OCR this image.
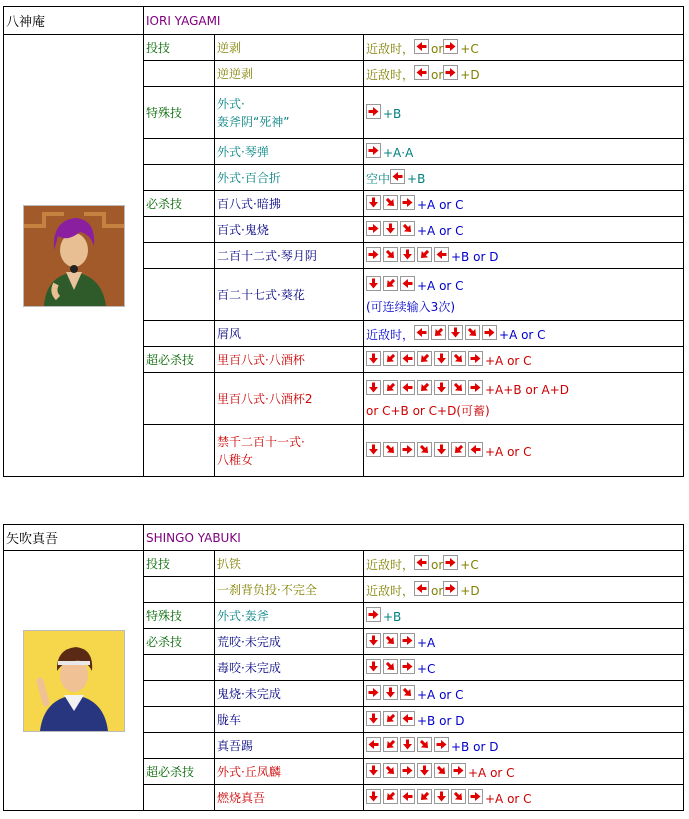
八神庵	IORI YAGAMI		

	投技	逆剥	近敌时， or +C

		逆逆剥	近敌时， or +D

	特殊技	外式·
轰斧阴“死神”	+B

		外式·琴弹	+A·A

		外式·百合折	空中 +B

	必杀技	百八式·暗拂	+A or C

		百式·鬼烧	+A or C

		二百十二式·琴月阴	+B or D

		百二十七式·葵花	+A or C
(可连续输入3次)

		屑风	近敌时， +A or C

	超必杀技	里百八式·八酒杯	+A or C

		里百八式·八酒杯2	+A+B or A+D
or C+B or C+D(可蓄)

		禁千二百十一式·
八稚女	+A or C
矢吹真吾	SHINGO YABUKI		

	投技	扒铁	近敌时， or +C

		一刹背负投·不完全	近敌时， or +D

	特殊技	外式·轰斧	+B

	必杀技	荒咬·未完成	+A

		毒咬·未完成	+C

		鬼烧·未完成	+A or C

		胧车	+B or D

		真吾踢	+B or D

	超必杀技	外式·丘凤麟	+A or C

		燃烧真吾	+A or C
